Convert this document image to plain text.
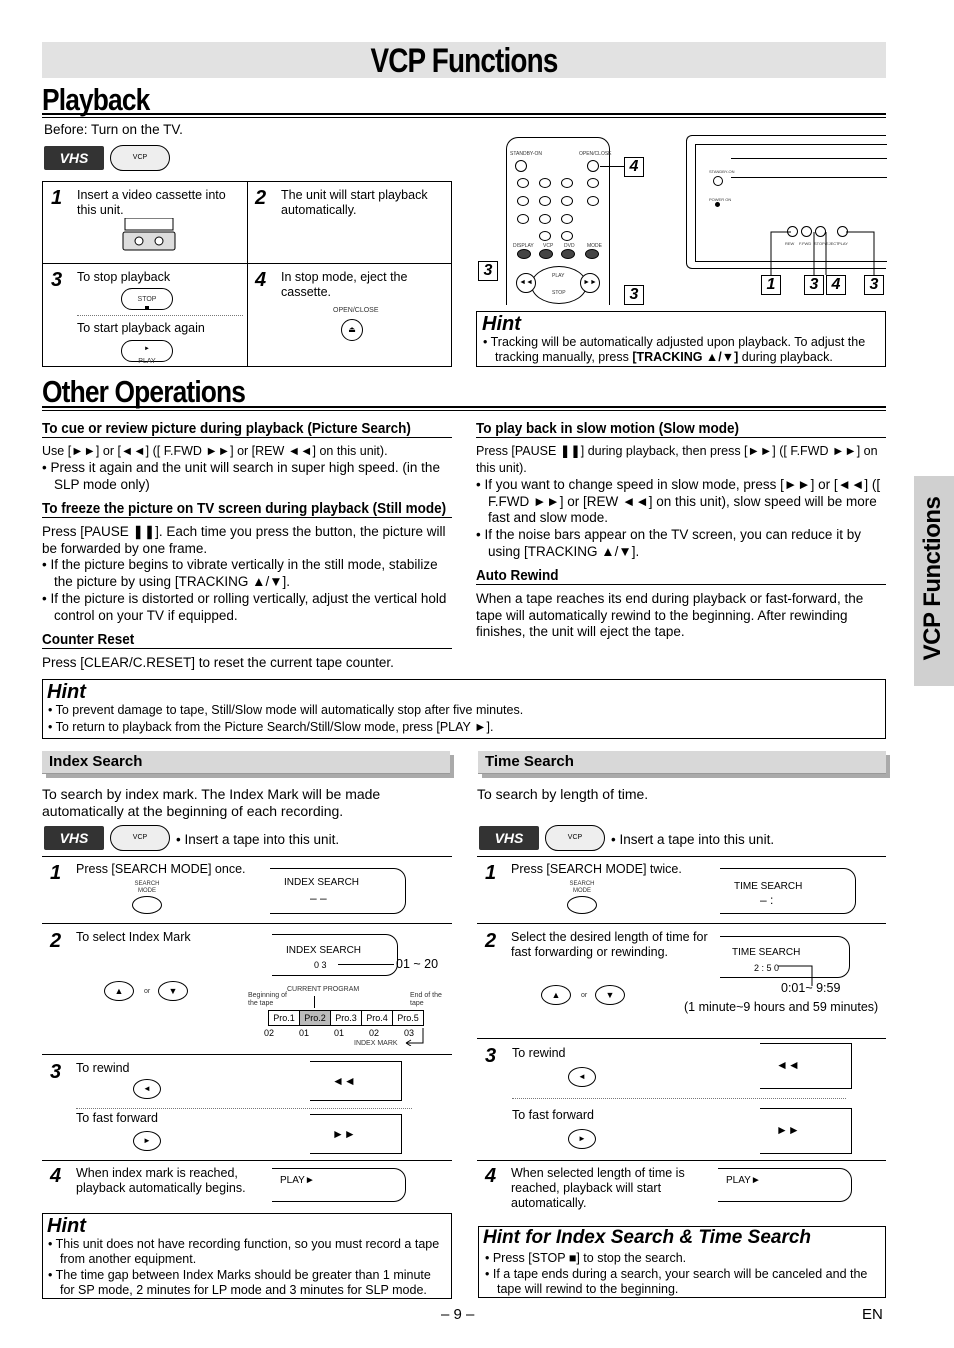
VCP Functions
VCP Functions
Playback
Before: Turn on the TV.
VHS	VCP
1 Insert a video cassette into this unit.
2 The unit will start playback automatically.
3 To stop playback
STOP
To start playback again
►
PLAY
4 In stop mode, eject the cassette.
OPEN/CLOSE
⏏
STANDBY-ON	OPEN/CLOSE
DISPLAY VCP DVD MODE
PLAY
STOP
◄◄	►►
4
3
3
STANDBY-ON
POWER ON
REW F.FWD STOP/EJECT PLAY
1	3 4	3
Hint
• Tracking will be automatically adjusted upon playback. To adjust the tracking manually, press [TRACKING ▲/▼] during playback.
Other Operations
To cue or review picture during playback (Picture Search)
Use [►►] or [◄◄] ([ F.FWD ►►] or [REW ◄◄] on this unit).
• Press it again and the unit will search in super high speed. (in the SLP mode only)
To freeze the picture on TV screen during playback (Still mode)
Press [PAUSE ❚❚]. Each time you press the button, the picture will be forwarded by one frame.
• If the picture begins to vibrate vertically in the still mode, stabilize the picture by using [TRACKING ▲/▼].
• If the picture is distorted or rolling vertically, adjust the vertical hold control on your TV if equipped.
Counter Reset
Press [CLEAR/C.RESET] to reset the current tape counter.
To play back in slow motion (Slow mode)
Press [PAUSE ❚❚] during playback, then press [►►] ([ F.FWD ►►] on this unit).
• If you want to change speed in slow mode, press [►►] or [◄◄] ([ F.FWD ►►] or [REW ◄◄] on this unit), slow speed will be more fast and slow mode.
• If the noise bars appear on the TV screen, you can reduce it by using [TRACKING ▲/▼].
Auto Rewind
When a tape reaches its end during playback or fast-forward, the tape will automatically rewind to the beginning. After rewinding finishes, the unit will eject the tape.
Hint
• To prevent damage to tape, Still/Slow mode will automatically stop after five minutes.
• To return to playback from the Picture Search/Still/Slow mode, press [PLAY ►].
Index Search
To search by index mark. The Index Mark will be made automatically at the beginning of each recording.
VHS	VCP	• Insert a tape into this unit.
1 Press [SEARCH MODE] once.
SEARCH MODE
INDEX SEARCH
– –
2 To select Index Mark
INDEX SEARCH
0 3	01 ~ 20
▲	or	▼	CURRENT PROGRAM
Beginning of the tape
End of the tape
Pro.1	Pro.2	Pro.3	Pro.4	Pro.5
02	01	01	02	03
INDEX MARK
3 To rewind
◄
◄◄
To fast forward
►	►►
4 When index mark is reached, playback automatically begins.
PLAY►
Hint
• This unit does not have recording function, so you must record a tape from another equipment.
• The time gap between Index Marks should be greater than 1 minute for SP mode, 2 minutes for LP mode and 3 minutes for SLP mode.
Time Search
To search by length of time.
VHS	VCP	• Insert a tape into this unit.
1 Press [SEARCH MODE] twice.
SEARCH MODE	TIME SEARCH
– :
2 Select the desired length of time for fast forwarding or rewinding.	TIME SEARCH
2 : 5 0
0:01~ 9:59
(1 minute~9 hours and 59 minutes)
▲	or	▼
3 To rewind
◄
◄◄
To fast forward
►
►►
4 When selected length of time is reached, playback will start automatically.
PLAY►
Hint for Index Search & Time Search
• Press [STOP ■] to stop the search.
• If a tape ends during a search, your search will be canceled and the tape will rewind to the beginning.
– 9 –	EN
